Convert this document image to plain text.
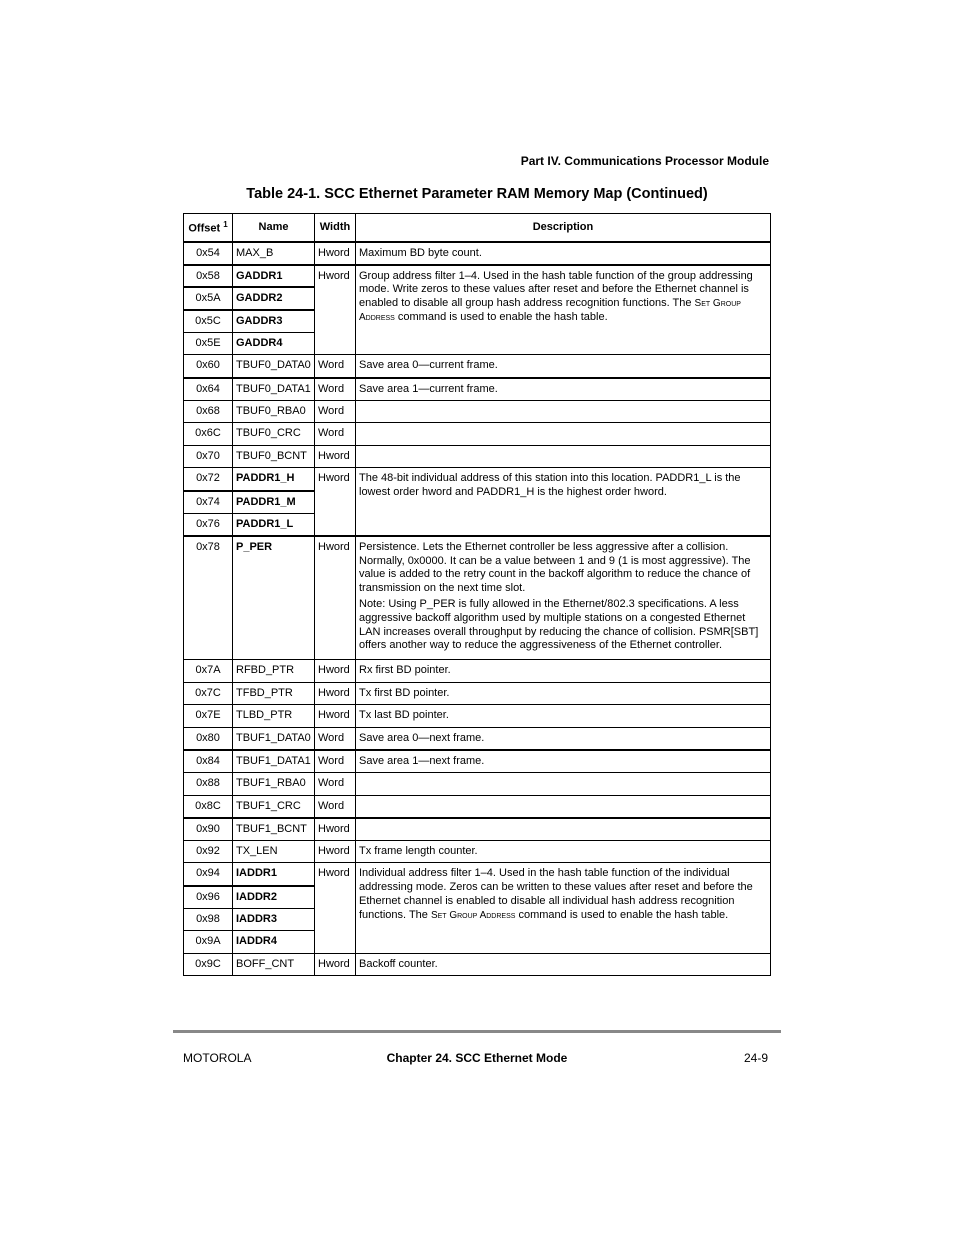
Part IV. Communications Processor Module
Table 24-1. SCC Ethernet Parameter RAM Memory Map (Continued)
Offset $^1$	Name	Width	Description
0x54	MAX_B	Hword	Maximum BD byte count.
0x58	GADDR1	Hword	Group address filter 1–4. Used in the hash table function of the group addressing mode. Write zeros to these values after reset and before the Ethernet channel is enabled to disable all group hash address recognition functions. The Set Group Address command is used to enable the hash table.
0x5A	GADDR2		
0x5C	GADDR3		
0x5E	GADDR4		
0x60	TBUF0_DATA0	Word	Save area 0—current frame.
0x64	TBUF0_DATA1	Word	Save area 1—current frame.
0x68	TBUF0_RBA0	Word	
0x6C	TBUF0_CRC	Word	
0x70	TBUF0_BCNT	Hword	
0x72	PADDR1_H	Hword	The 48-bit individual address of this station into this location. PADDR1_L is the lowest order hword and PADDR1_H is the highest order hword.
0x74	PADDR1_M		
0x76	PADDR1_L		
0x78	P_PER	Hword	Persistence. Lets the Ethernet controller be less aggressive after a collision. Normally, 0x0000. It can be a value between 1 and 9 (1 is most aggressive). The value is added to the retry count in the backoff algorithm to reduce the chance of transmission on the next time slot.

Note: Using P_PER is fully allowed in the Ethernet/802.3 specifications. A less aggressive backoff algorithm used by multiple stations on a congested Ethernet LAN increases overall throughput by reducing the chance of collision. PSMR[SBT] offers another way to reduce the aggressiveness of the Ethernet controller.

0x7A	RFBD_PTR	Hword	Rx first BD pointer.
0x7C	TFBD_PTR	Hword	Tx first BD pointer.
0x7E	TLBD_PTR	Hword	Tx last BD pointer.
0x80	TBUF1_DATA0	Word	Save area 0—next frame.
0x84	TBUF1_DATA1	Word	Save area 1—next frame.
0x88	TBUF1_RBA0	Word	
0x8C	TBUF1_CRC	Word	
0x90	TBUF1_BCNT	Hword	
0x92	TX_LEN	Hword	Tx frame length counter.
0x94	IADDR1	Hword	Individual address filter 1–4. Used in the hash table function of the individual addressing mode. Zeros can be written to these values after reset and before the Ethernet channel is enabled to disable all individual hash address recognition functions. The Set Group Address command is used to enable the hash table.
0x96	IADDR2		
0x98	IADDR3		
0x9A	IADDR4		
0x9C	BOFF_CNT	Hword	Backoff counter.
MOTOROLA	Chapter 24. SCC Ethernet Mode	24-9
